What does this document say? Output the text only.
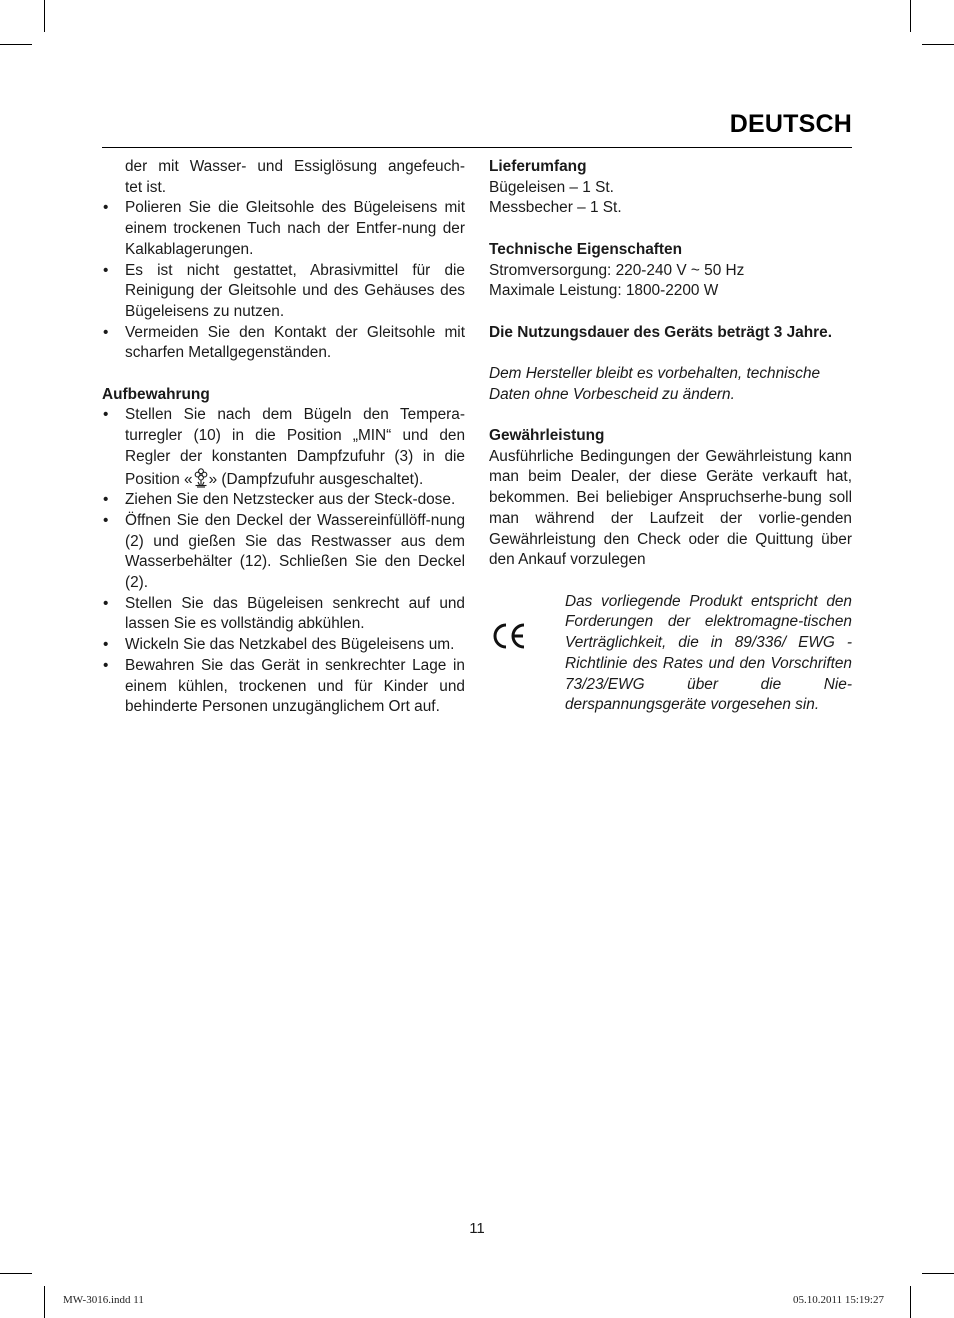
DEUTSCH
der mit Wasser- und Essiglösung angefeuch-
tet ist.
• Polieren Sie die Gleitsohle des Bügeleisens mit einem trockenen Tuch nach der Entfer-nung der Kalkablagerungen.
• Es ist nicht gestattet, Abrasivmittel für die Reinigung der Gleitsohle und des Gehäuses des Bügeleisens zu nutzen.
• Vermeiden Sie den Kontakt der Gleitsohle mit scharfen Metallgegenständen.
Aufbewahrung
• Stellen Sie nach dem Bügeln den Tempera-turregler (10) in die Position „MIN“ und den Regler der konstanten Dampfzufuhr (3) in die Position « » (Dampfzufuhr ausgeschaltet).
• Ziehen Sie den Netzstecker aus der Steck-dose.
• Öffnen Sie den Deckel der Wassereinfüllöff-nung (2) und gießen Sie das Restwasser aus dem Wasserbehälter (12). Schließen Sie den Deckel (2).
• Stellen Sie das Bügeleisen senkrecht auf und lassen Sie es vollständig abkühlen.
• Wickeln Sie das Netzkabel des Bügeleisens um.
• Bewahren Sie das Gerät in senkrechter Lage in einem kühlen, trockenen und für Kinder und behinderte Personen unzugänglichem Ort auf.
Lieferumfang
Bügeleisen – 1 St.
Messbecher – 1 St.
Technische Eigenschaften
Stromversorgung: 220-240 V ~ 50 Hz
Maximale Leistung: 1800-2200 W
Die Nutzungsdauer des Geräts beträgt 3 Jahre.
Dem Hersteller bleibt es vorbehalten, technische Daten ohne Vorbescheid zu ändern.
Gewährleistung
Ausführliche Bedingungen der Gewährleistung kann man beim Dealer, der diese Geräte verkauft hat, bekommen. Bei beliebiger Anspruchserhe-bung soll man während der Laufzeit der vorlie-genden Gewährleistung den Check oder die Quittung über den Ankauf vorzulegen
Das vorliegende Produkt entspricht den Forderungen der elektromagne-tischen Verträglichkeit, die in 89/336/ EWG -Richtlinie des Rates und den Vorschriften 73/23/EWG über die Nie-derspannungsgeräte vorgesehen sin.
11
MW-3016.indd 11	05.10.2011 15:19:27
